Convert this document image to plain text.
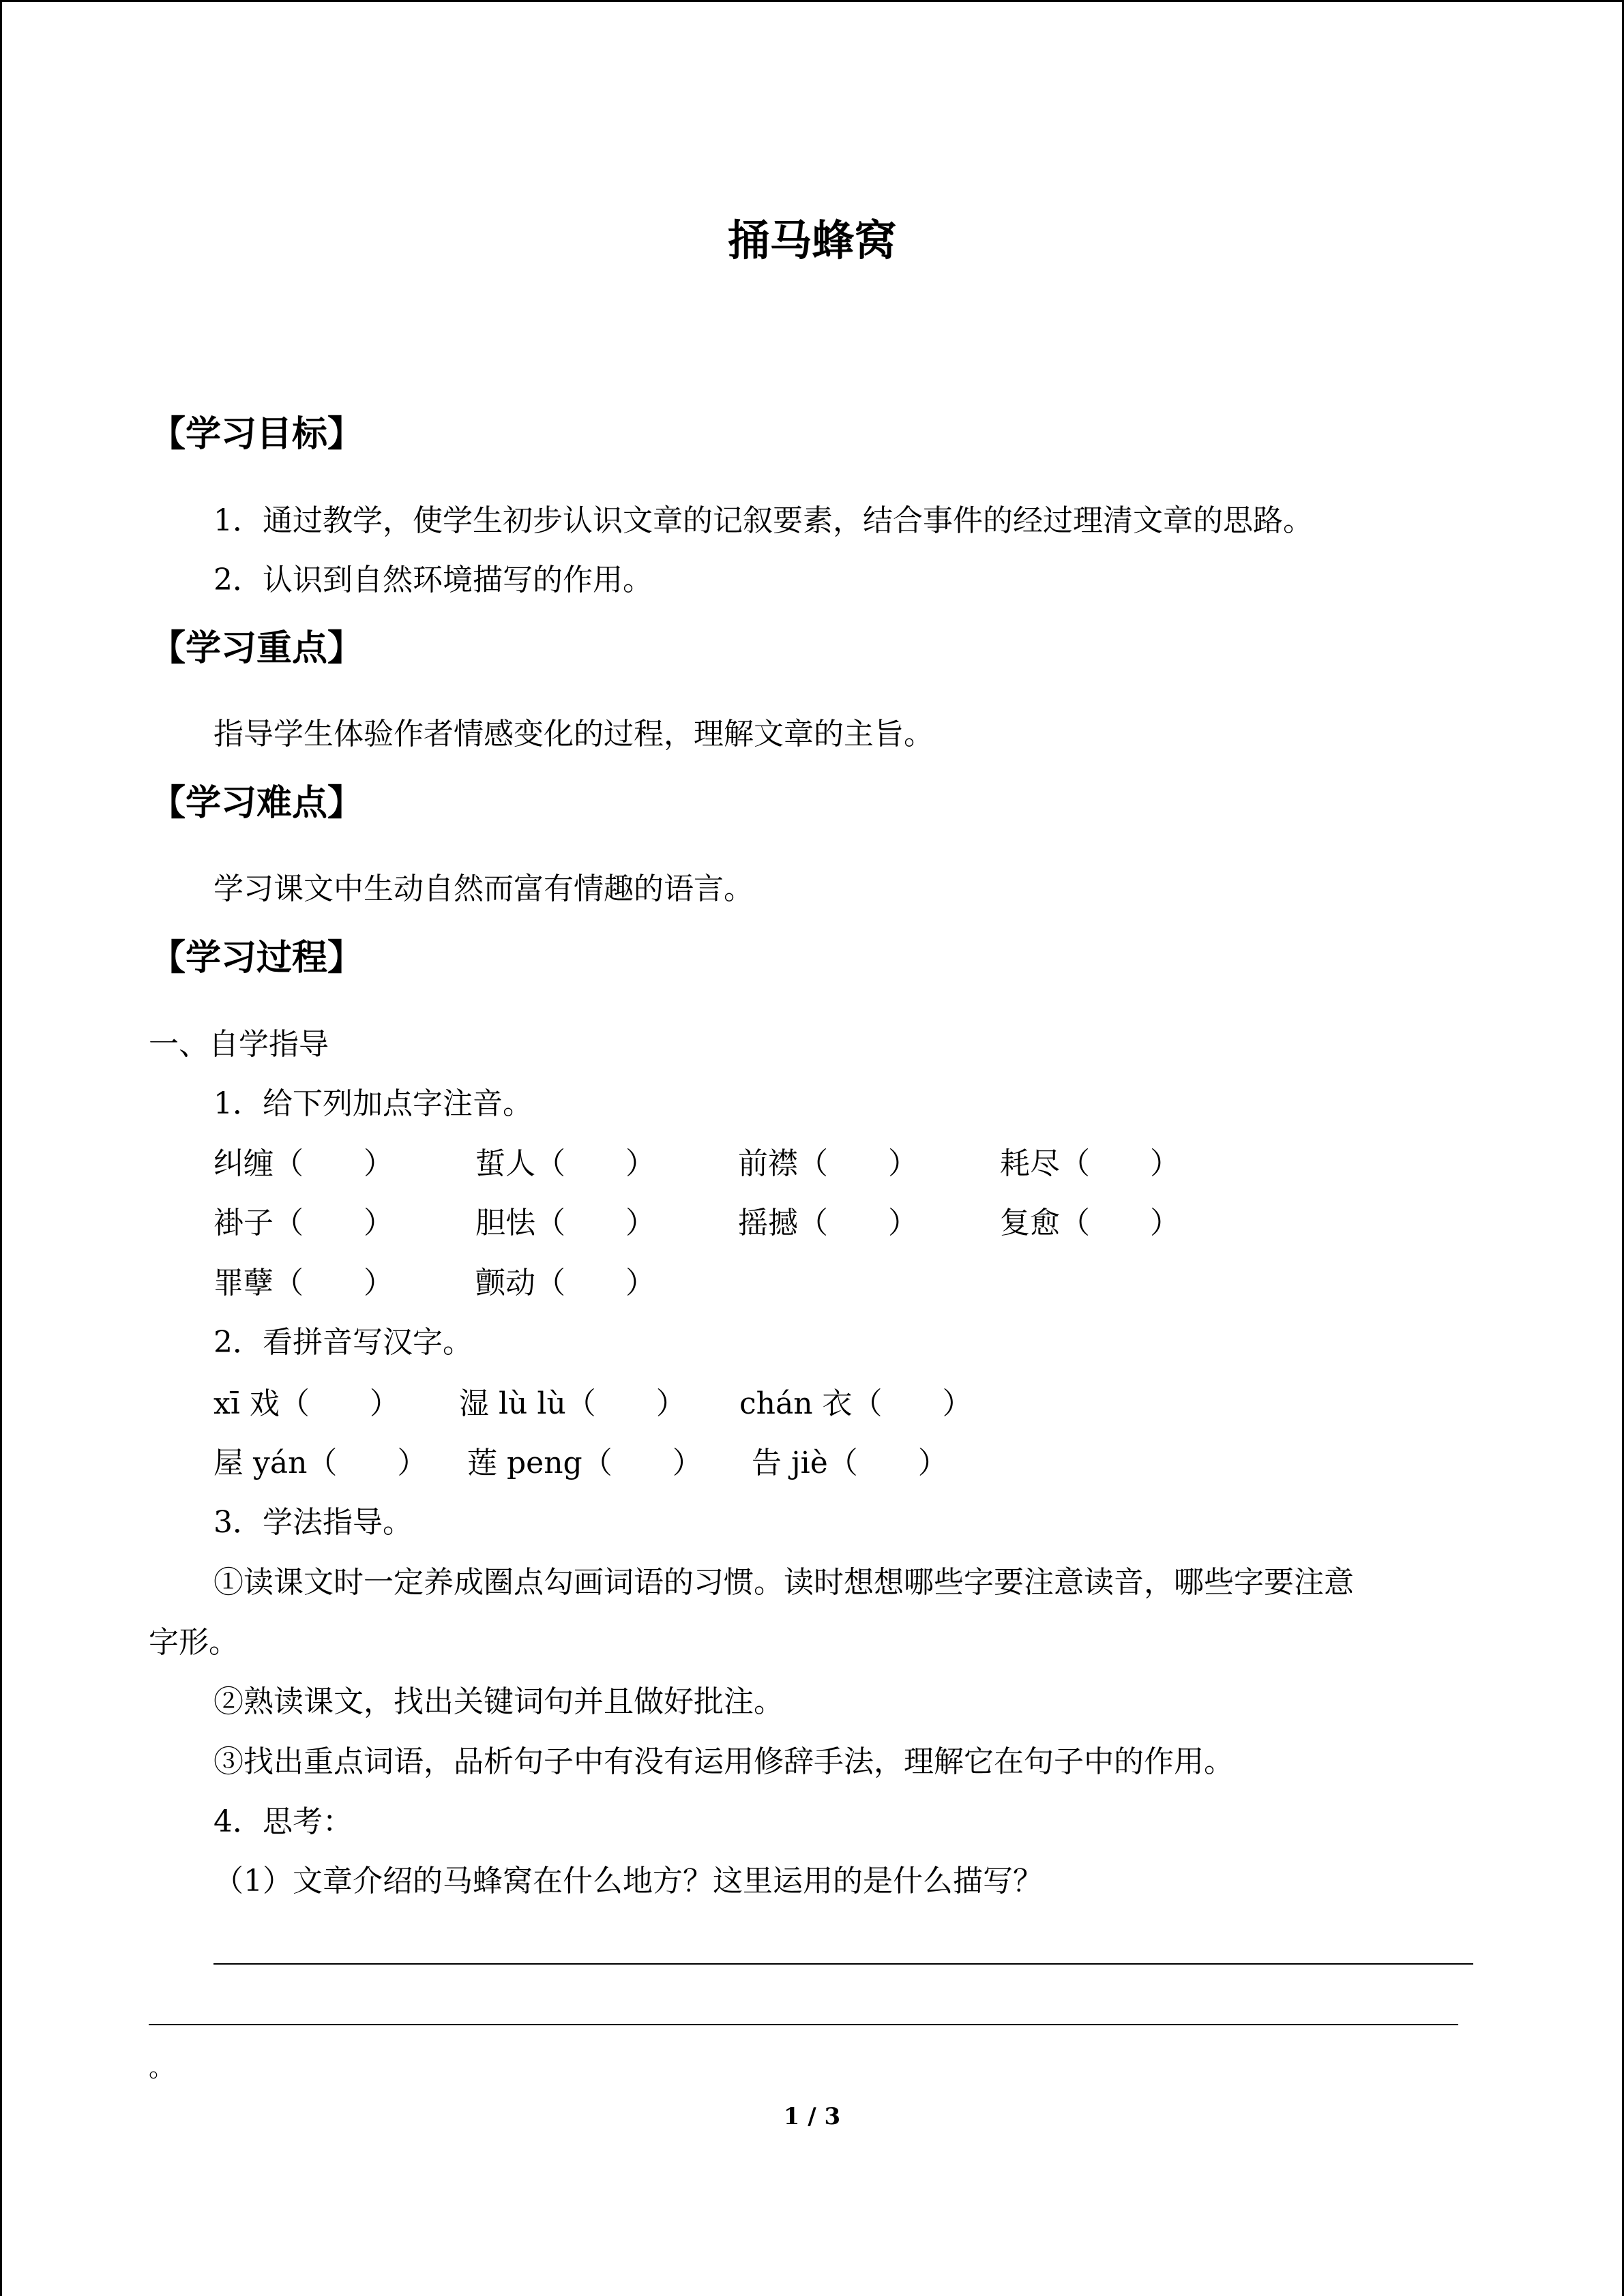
捅马蜂窝
【学习目标】
1．通过教学，使学生初步认识文章的记叙要素，结合事件的经过理清文章的思路。
2．认识到自然环境描写的作用。
【学习重点】
指导学生体验作者情感变化的过程，理解文章的主旨。
【学习难点】
学习课文中生动自然而富有情趣的语言。
【学习过程】
一、自学指导
1．给下列加点字注音。
纠缠（　　）	蜇人（　　）	前襟（　　）	耗尽（　　）
褂子（　　）	胆怯（　　）	摇撼（　　）	复愈（　　）
罪孽（　　）	颤动（　　）
2．看拼音写汉字。
xī 戏（　　） 湿 lù lù（　　） chán 衣（　　）
屋 yán（　　） 莲 peng（　　） 告 jiè（　　）
3．学法指导。
①读课文时一定养成圈点勾画词语的习惯。读时想想哪些字要注意读音，哪些字要注意
字形。
②熟读课文，找出关键词句并且做好批注。
③找出重点词语，品析句子中有没有运用修辞手法，理解它在句子中的作用。
4．思考：
（1）文章介绍的马蜂窝在什么地方？这里运用的是什么描写？
。
1 / 3
